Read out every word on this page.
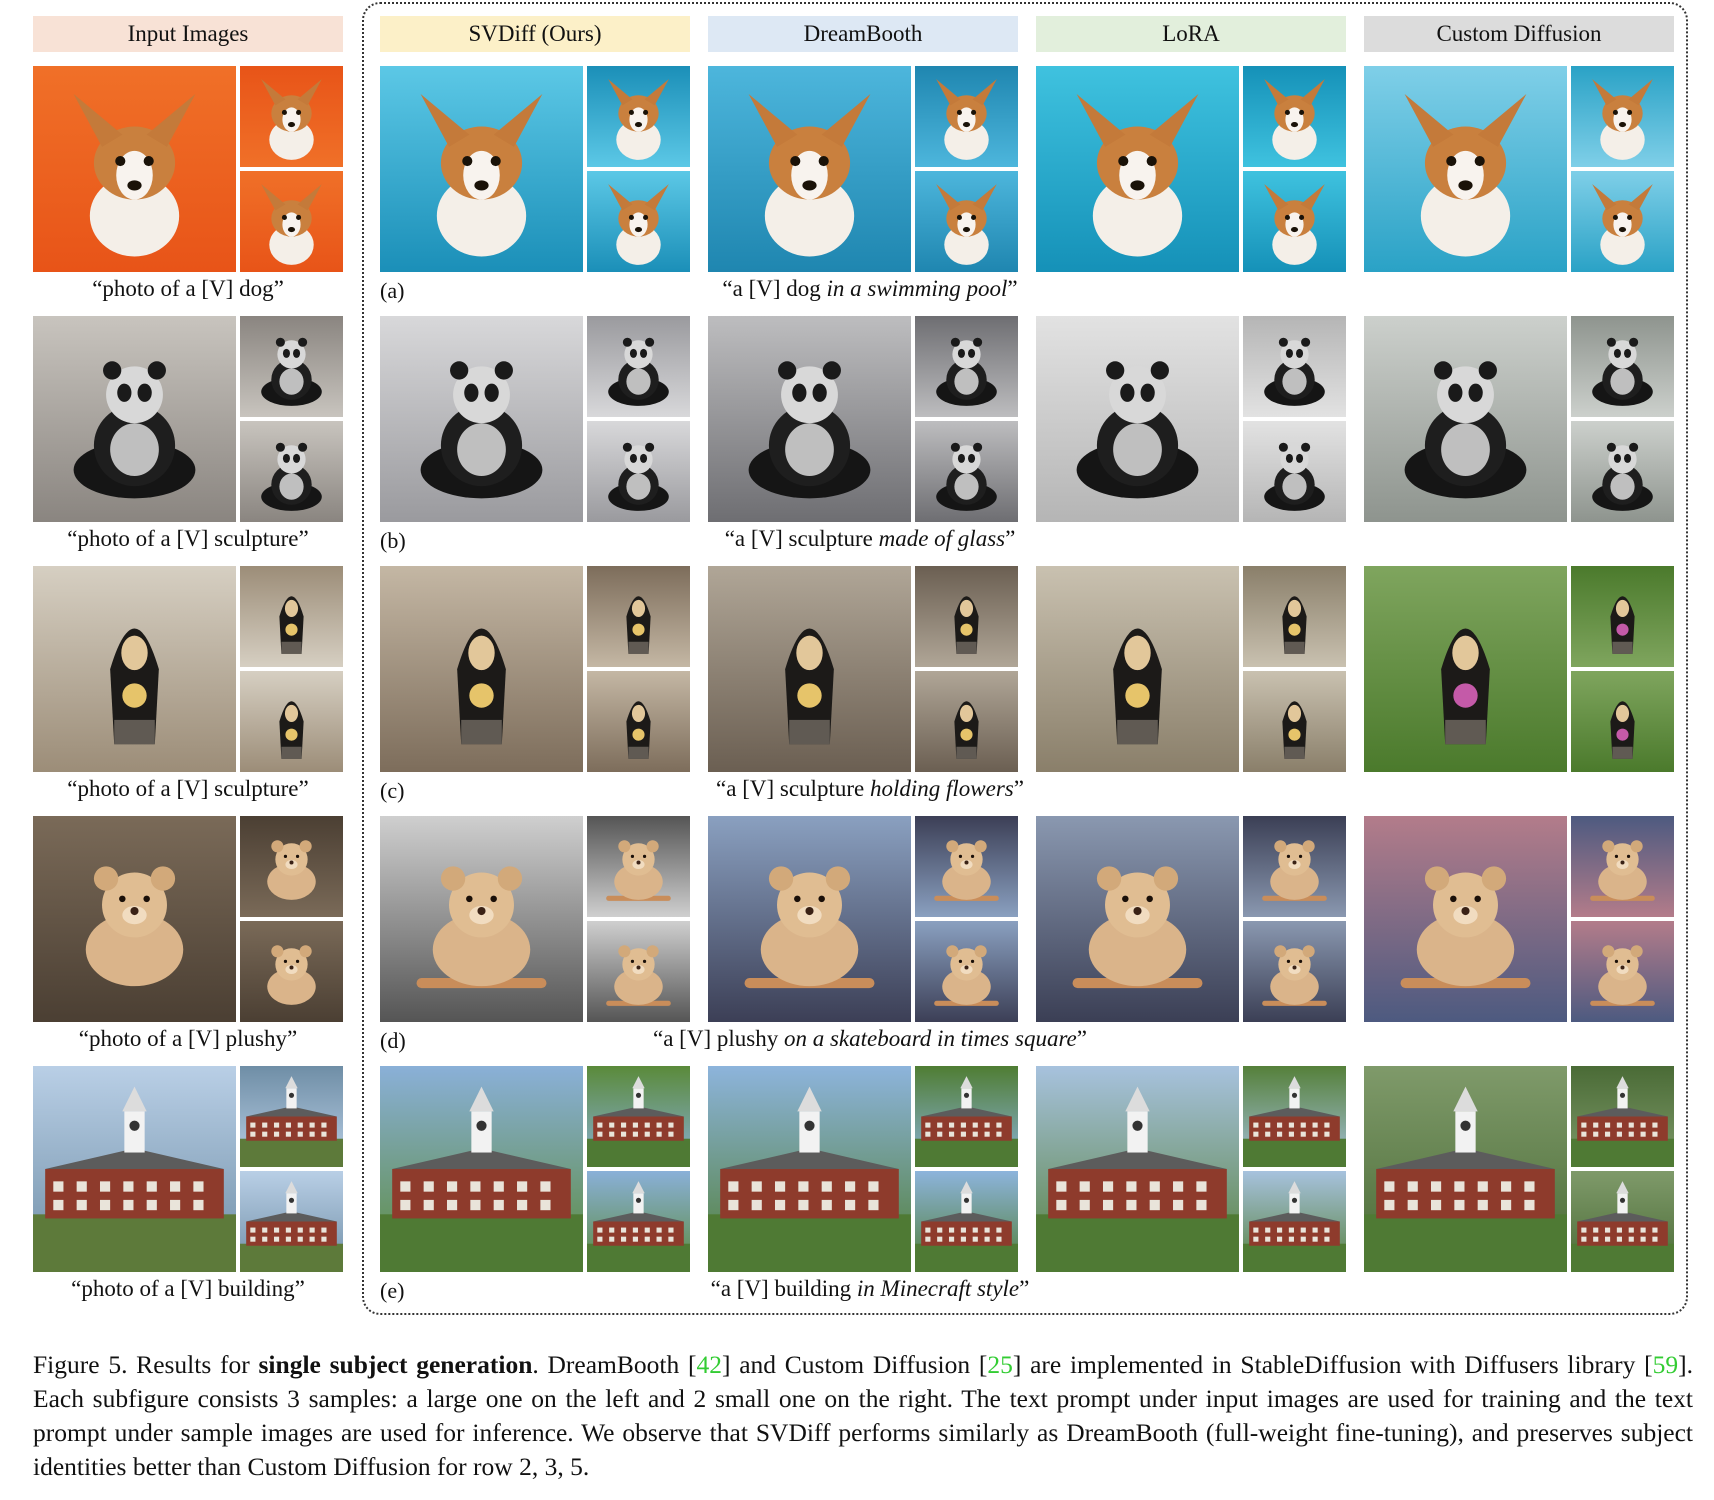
Input Images	SVDiff (Ours)	DreamBooth	LoRA	Custom Diffusion
“photo of a [V] dog”	(a)	“a [V] dog in a swimming pool”
“photo of a [V] sculpture”	(b)	“a [V] sculpture made of glass”
“photo of a [V] sculpture”	(c)	“a [V] sculpture holding flowers”
“photo of a [V] plushy”	(d)	“a [V] plushy on a skateboard in times square”
“photo of a [V] building”	(e)	“a [V] building in Minecraft style”
Figure 5. Results for single subject generation. DreamBooth [42] and Custom Diffusion [25] are implemented in StableDiffusion with Diffusers library [59]. Each subfigure consists 3 samples: a large one on the left and 2 small one on the right. The text prompt under input images are used for training and the text prompt under sample images are used for inference. We observe that SVDiff performs similarly as DreamBooth (full-weight fine-tuning), and preserves subject identities better than Custom Diffusion for row 2, 3, 5.
